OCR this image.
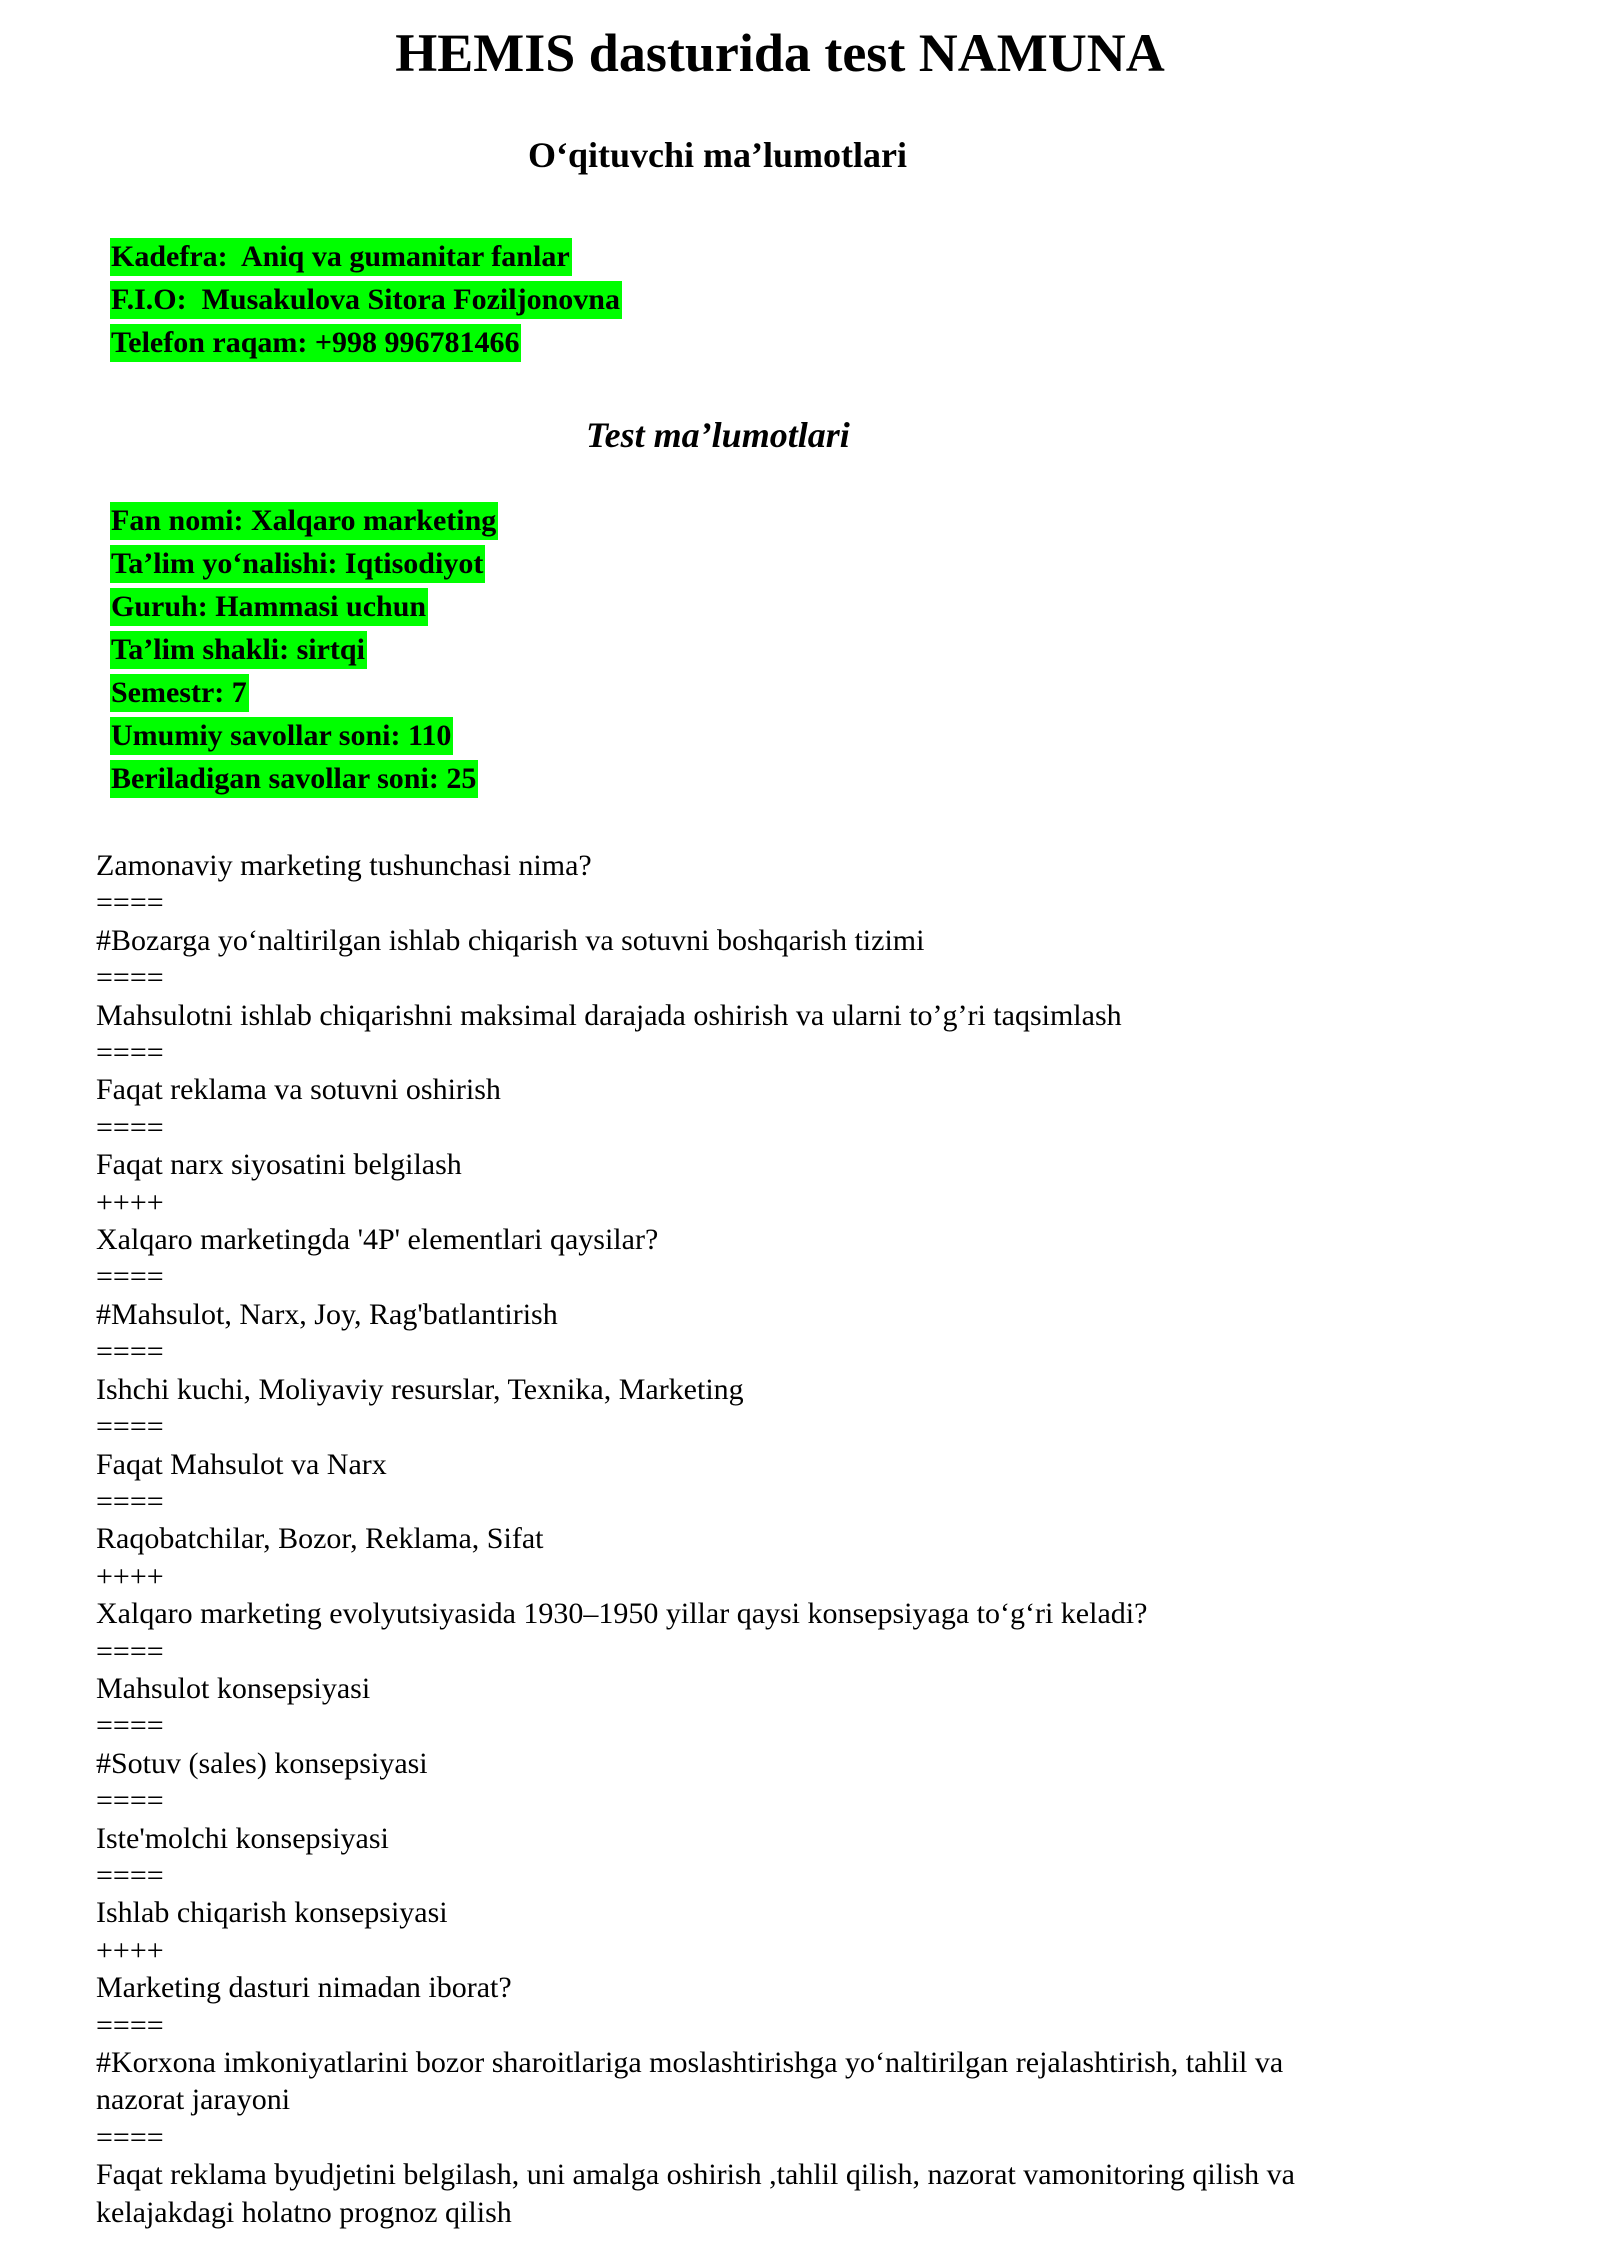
HEMIS dasturida test NAMUNA
O‘qituvchi ma’lumotlari
Kadefra:  Aniq va gumanitar fanlar
F.I.O:  Musakulova Sitora Foziljonovna
Telefon raqam: +998 996781466
Test ma’lumotlari
Fan nomi: Xalqaro marketing
Ta’lim yo‘nalishi: Iqtisodiyot
Guruh: Hammasi uchun
Ta’lim shakli: sirtqi
Semestr: 7
Umumiy savollar soni: 110
Beriladigan savollar soni: 25
Zamonaviy marketing tushunchasi nima?
====
#Bozarga yo‘naltirilgan ishlab chiqarish va sotuvni boshqarish tizimi
====
Mahsulotni ishlab chiqarishni maksimal darajada oshirish va ularni to’g’ri taqsimlash
====
Faqat reklama va sotuvni oshirish
====
Faqat narx siyosatini belgilash
++++
Xalqaro marketingda '4P' elementlari qaysilar?
====
#Mahsulot, Narx, Joy, Rag'batlantirish
====
Ishchi kuchi, Moliyaviy resurslar, Texnika, Marketing
====
Faqat Mahsulot va Narx
====
Raqobatchilar, Bozor, Reklama, Sifat
++++
Xalqaro marketing evolyutsiyasida 1930–1950 yillar qaysi konsepsiyaga to‘g‘ri keladi?
====
Mahsulot konsepsiyasi
====
#Sotuv (sales) konsepsiyasi
====
Iste'molchi konsepsiyasi
====
Ishlab chiqarish konsepsiyasi
++++
Marketing dasturi nimadan iborat?
====
#Korxona imkoniyatlarini bozor sharoitlariga moslashtirishga yo‘naltirilgan rejalashtirish, tahlil va
nazorat jarayoni
====
Faqat reklama byudjetini belgilash, uni amalga oshirish ,tahlil qilish, nazorat vamonitoring qilish va
kelajakdagi holatno prognoz qilish
